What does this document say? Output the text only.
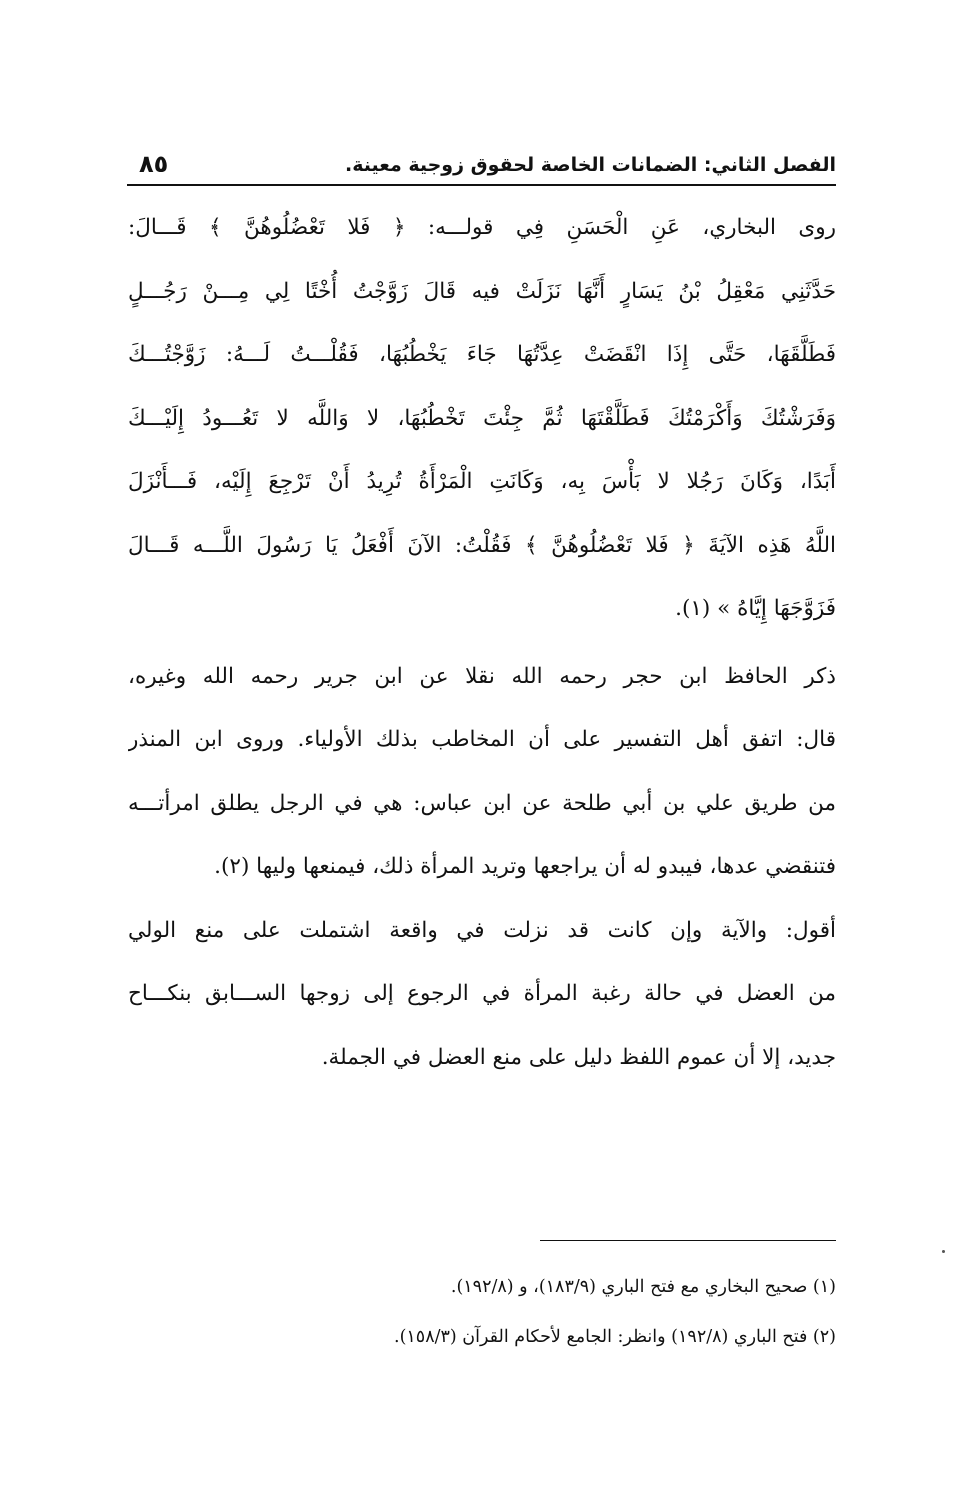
الفصل الثاني: الضمانات الخاصة لحقوق زوجية معينة.
٨٥
روى البخاري، عَنِ الْحَسَنِ فِي قولـــه: ﴿ فَلا تَعْضُلُوهُنَّ ﴾ قَـــالَ:
حَدَّثَنِي مَعْقِلُ بْنُ يَسَارٍ أَنَّهَا نَزَلَتْ فيه قَالَ زَوَّجْتُ أُخْتًا لِي مِـــنْ رَجُـــلٍ
فَطَلَّقَهَا، حَتَّى إِذَا انْقَضَتْ عِدَّتُهَا جَاءَ يَخْطُبُهَا، فَقُلْـــتُ لَـــهُ: زَوَّجْتُـــكَ
وَفَرَشْتُكَ وَأَكْرَمْتُكَ فَطَلَّقْتَهَا ثُمَّ جِئْتَ تَخْطُبُهَا، لا وَاللَّه لا تَعُـــودُ إِلَيْـــكَ
أَبَدًا، وَكَانَ رَجُلا لا بَأْسَ بِه، وَكَانَتِ الْمَرْأَةُ تُرِيدُ أَنْ تَرْجِعَ إِلَيْه، فَـــأَنْزَلَ
اللَّهُ هَذِه الآيَةَ ﴿ فَلا تَعْضُلُوهُنَّ ﴾ فَقُلْتُ: الآنَ أَفْعَلُ يَا رَسُولَ اللَّـــه قَـــالَ
فَزَوَّجَهَا إِيَّاهُ » (١).
ذكر الحافظ ابن حجر رحمه الله نقلا عن ابن جرير رحمه الله وغيره،
قال: اتفق أهل التفسير على أن المخاطب بذلك الأولياء. وروى ابن المنذر
من طريق علي بن أبي طلحة عن ابن عباس: هي في الرجل يطلق امرأتـــه
فتنقضي عدها، فيبدو له أن يراجعها وتريد المرأة ذلك، فيمنعها وليها (٢).
أقول: والآية وإن كانت قد نزلت في واقعة اشتملت على منع الولي
من العضل في حالة رغبة المرأة في الرجوع إلى زوجها الســـابق بنكـــاح
جديد، إلا أن عموم اللفظ دليل على منع العضل في الجملة.
(١) صحيح البخاري مع فتح الباري (١٨٣/٩)، و (١٩٢/٨).
(٢) فتح الباري (١٩٢/٨) وانظر: الجامع لأحكام القرآن (١٥٨/٣).
